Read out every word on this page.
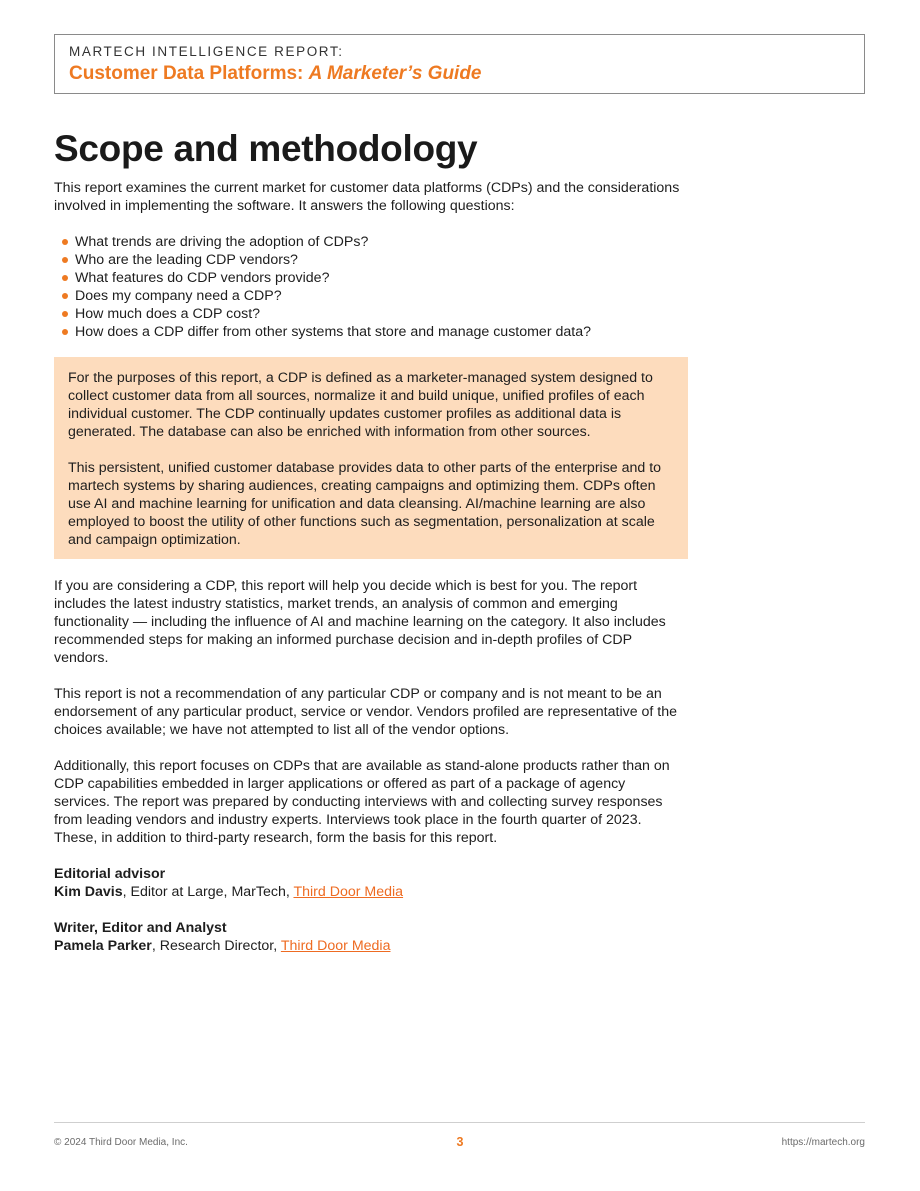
MARTECH INTELLIGENCE REPORT:
Customer Data Platforms: A Marketer’s Guide
Scope and methodology

This report examines the current market for customer data platforms (CDPs) and the considerations involved in implementing the software. It answers the following questions:

What trends are driving the adoption of CDPs?
Who are the leading CDP vendors?
What features do CDP vendors provide?
Does my company need a CDP?
How much does a CDP cost?
How does a CDP differ from other systems that store and manage customer data?

For the purposes of this report, a CDP is defined as a marketer-managed system designed to collect customer data from all sources, normalize it and build unique, unified profiles of each individual customer. The CDP continually updates customer profiles as additional data is generated. The database can also be enriched with information from other sources.

This persistent, unified customer database provides data to other parts of the enterprise and to martech systems by sharing audiences, creating campaigns and optimizing them. CDPs often use AI and machine learning for unification and data cleansing. AI/machine learning are also employed to boost the utility of other functions such as segmentation, personalization at scale and campaign optimization.

If you are considering a CDP, this report will help you decide which is best for you. The report includes the latest industry statistics, market trends, an analysis of common and emerging functionality — including the influence of AI and machine learning on the category. It also includes recommended steps for making an informed purchase decision and in-depth profiles of CDP vendors.

This report is not a recommendation of any particular CDP or company and is not meant to be an endorsement of any particular product, service or vendor. Vendors profiled are representative of the choices available; we have not attempted to list all of the vendor options.

Additionally, this report focuses on CDPs that are available as stand-alone products rather than on CDP capabilities embedded in larger applications or offered as part of a package of agency services. The report was prepared by conducting interviews with and collecting survey responses from leading vendors and industry experts. Interviews took place in the fourth quarter of 2023. These, in addition to third-party research, form the basis for this report.

Editorial advisor
Kim Davis, Editor at Large, MarTech, Third Door Media
Writer, Editor and Analyst
Pamela Parker, Research Director, Third Door Media
© 2024 Third Door Media, Inc.	3	https://martech.org
